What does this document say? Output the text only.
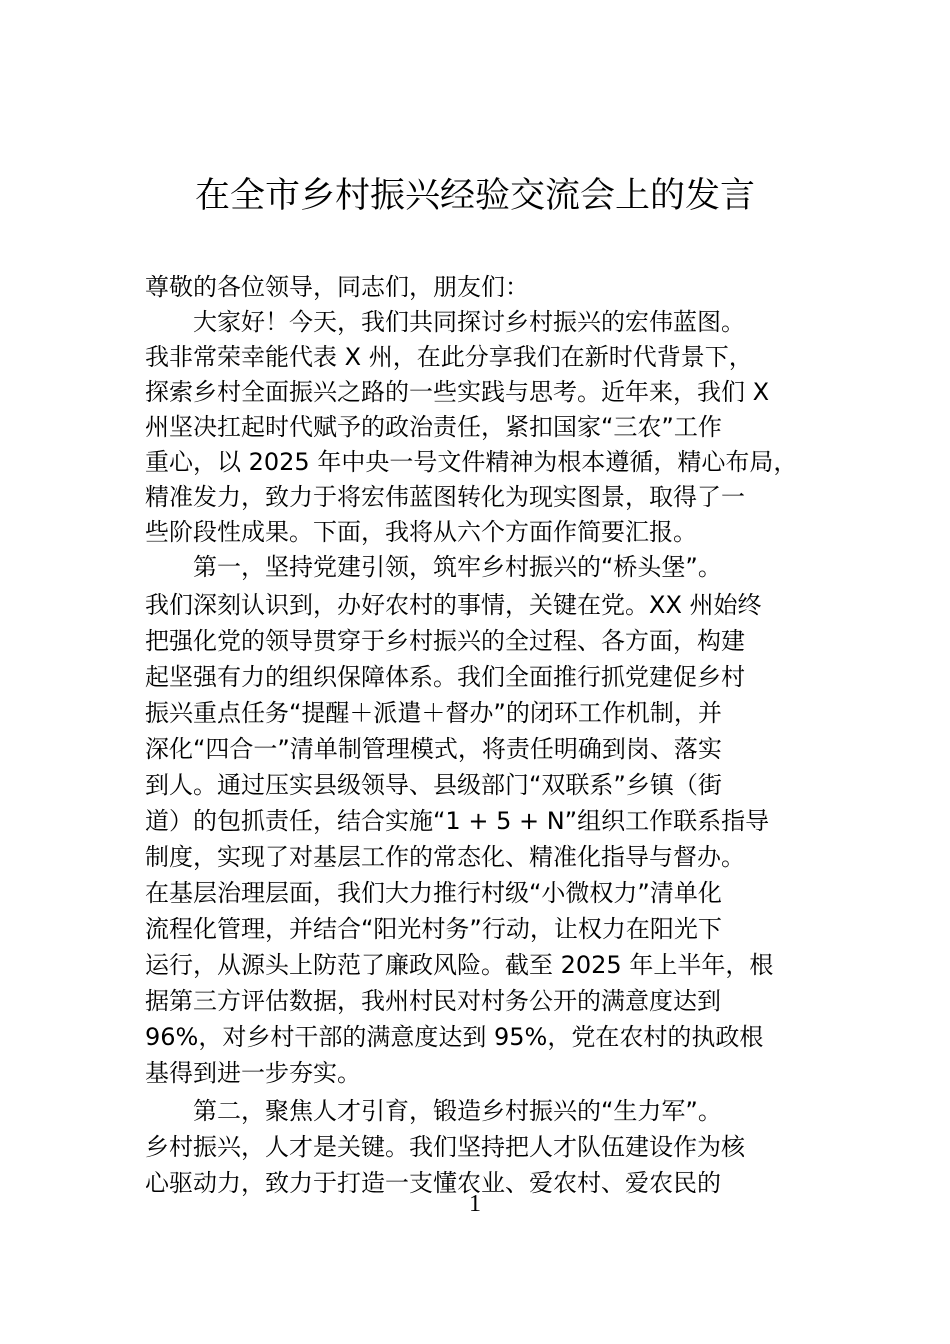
在全市乡村振兴经验交流会上的发言
尊敬的各位领导，同志们，朋友们：
大家好！今天，我们共同探讨乡村振兴的宏伟蓝图。
我非常荣幸能代表 X 州，在此分享我们在新时代背景下，
探索乡村全面振兴之路的一些实践与思考。近年来，我们 X
州坚决扛起时代赋予的政治责任，紧扣国家“三农”工作
重心，以 2025 年中央一号文件精神为根本遵循，精心布局，
精准发力，致力于将宏伟蓝图转化为现实图景，取得了一
些阶段性成果。下面，我将从六个方面作简要汇报。
第一，坚持党建引领，筑牢乡村振兴的“桥头堡”。
我们深刻认识到，办好农村的事情，关键在党。XX 州始终
把强化党的领导贯穿于乡村振兴的全过程、各方面，构建
起坚强有力的组织保障体系。我们全面推行抓党建促乡村
振兴重点任务“提醒＋派遣＋督办”的闭环工作机制，并
深化“四合一”清单制管理模式，将责任明确到岗、落实
到人。通过压实县级领导、县级部门“双联系”乡镇（街
道）的包抓责任，结合实施“1 + 5 + N”组织工作联系指导
制度，实现了对基层工作的常态化、精准化指导与督办。
在基层治理层面，我们大力推行村级“小微权力”清单化
流程化管理，并结合“阳光村务”行动，让权力在阳光下
运行，从源头上防范了廉政风险。截至 2025 年上半年，根
据第三方评估数据，我州村民对村务公开的满意度达到
96%，对乡村干部的满意度达到 95%，党在农村的执政根
基得到进一步夯实。
第二，聚焦人才引育，锻造乡村振兴的“生力军”。
乡村振兴，人才是关键。我们坚持把人才队伍建设作为核
心驱动力，致力于打造一支懂农业、爱农村、爱农民的
1
